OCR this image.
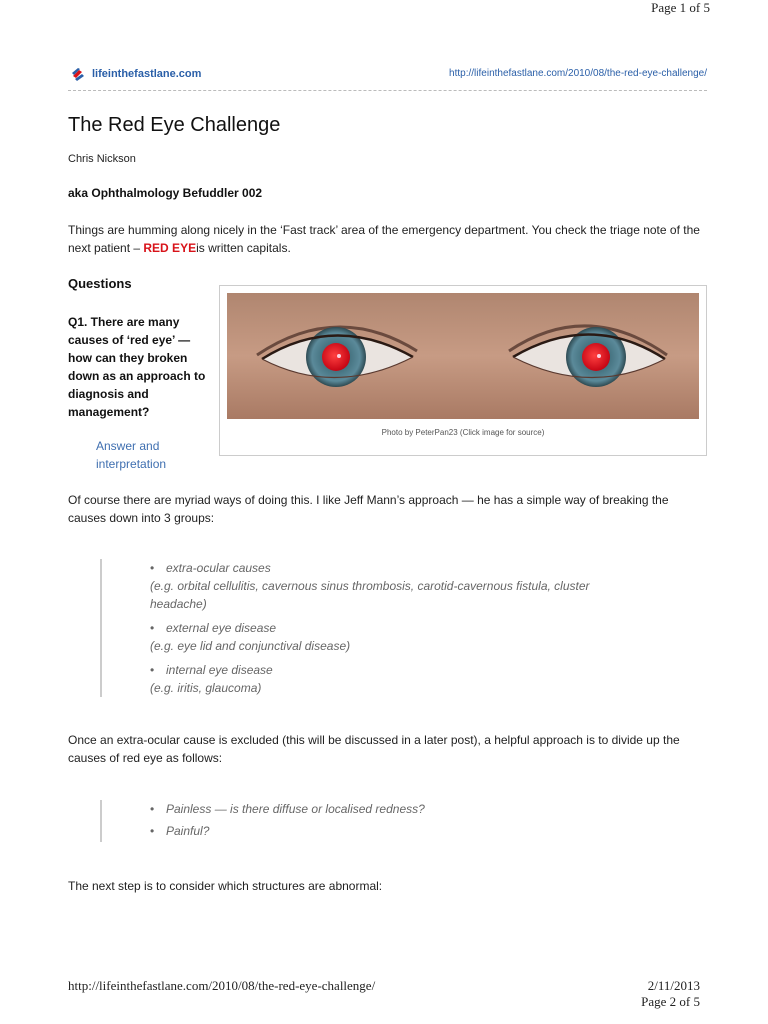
Page 1 of 5
lifeinthefastlane.com	http://lifeinthefastlane.com/2010/08/the-red-eye-challenge/
The Red Eye Challenge
Chris Nickson
aka Ophthalmology Befuddler 002
Things are humming along nicely in the ‘Fast track’ area of the emergency department. You check the triage note of the next patient – RED EYEis written capitals.
Questions
Q1. There are many causes of ‘red eye’ — how can they broken down as an approach to diagnosis and management?
Answer and interpretation
Photo by PeterPan23 (Click image for source)
Of course there are myriad ways of doing this. I like Jeff Mann’s approach — he has a simple way of breaking the causes down into 3 groups:
• extra-ocular causes
(e.g. orbital cellulitis, cavernous sinus thrombosis, carotid-cavernous fistula, cluster headache)
• external eye disease
(e.g. eye lid and conjunctival disease)
• internal eye disease
(e.g. iritis, glaucoma)
Once an extra-ocular cause is excluded (this will be discussed in a later post), a helpful approach is to divide up the causes of red eye as follows:
• Painless — is there diffuse or localised redness?
• Painful?
The next step is to consider which structures are abnormal:
http://lifeinthefastlane.com/2010/08/the-red-eye-challenge/	2/11/2013
Page 2 of 5
